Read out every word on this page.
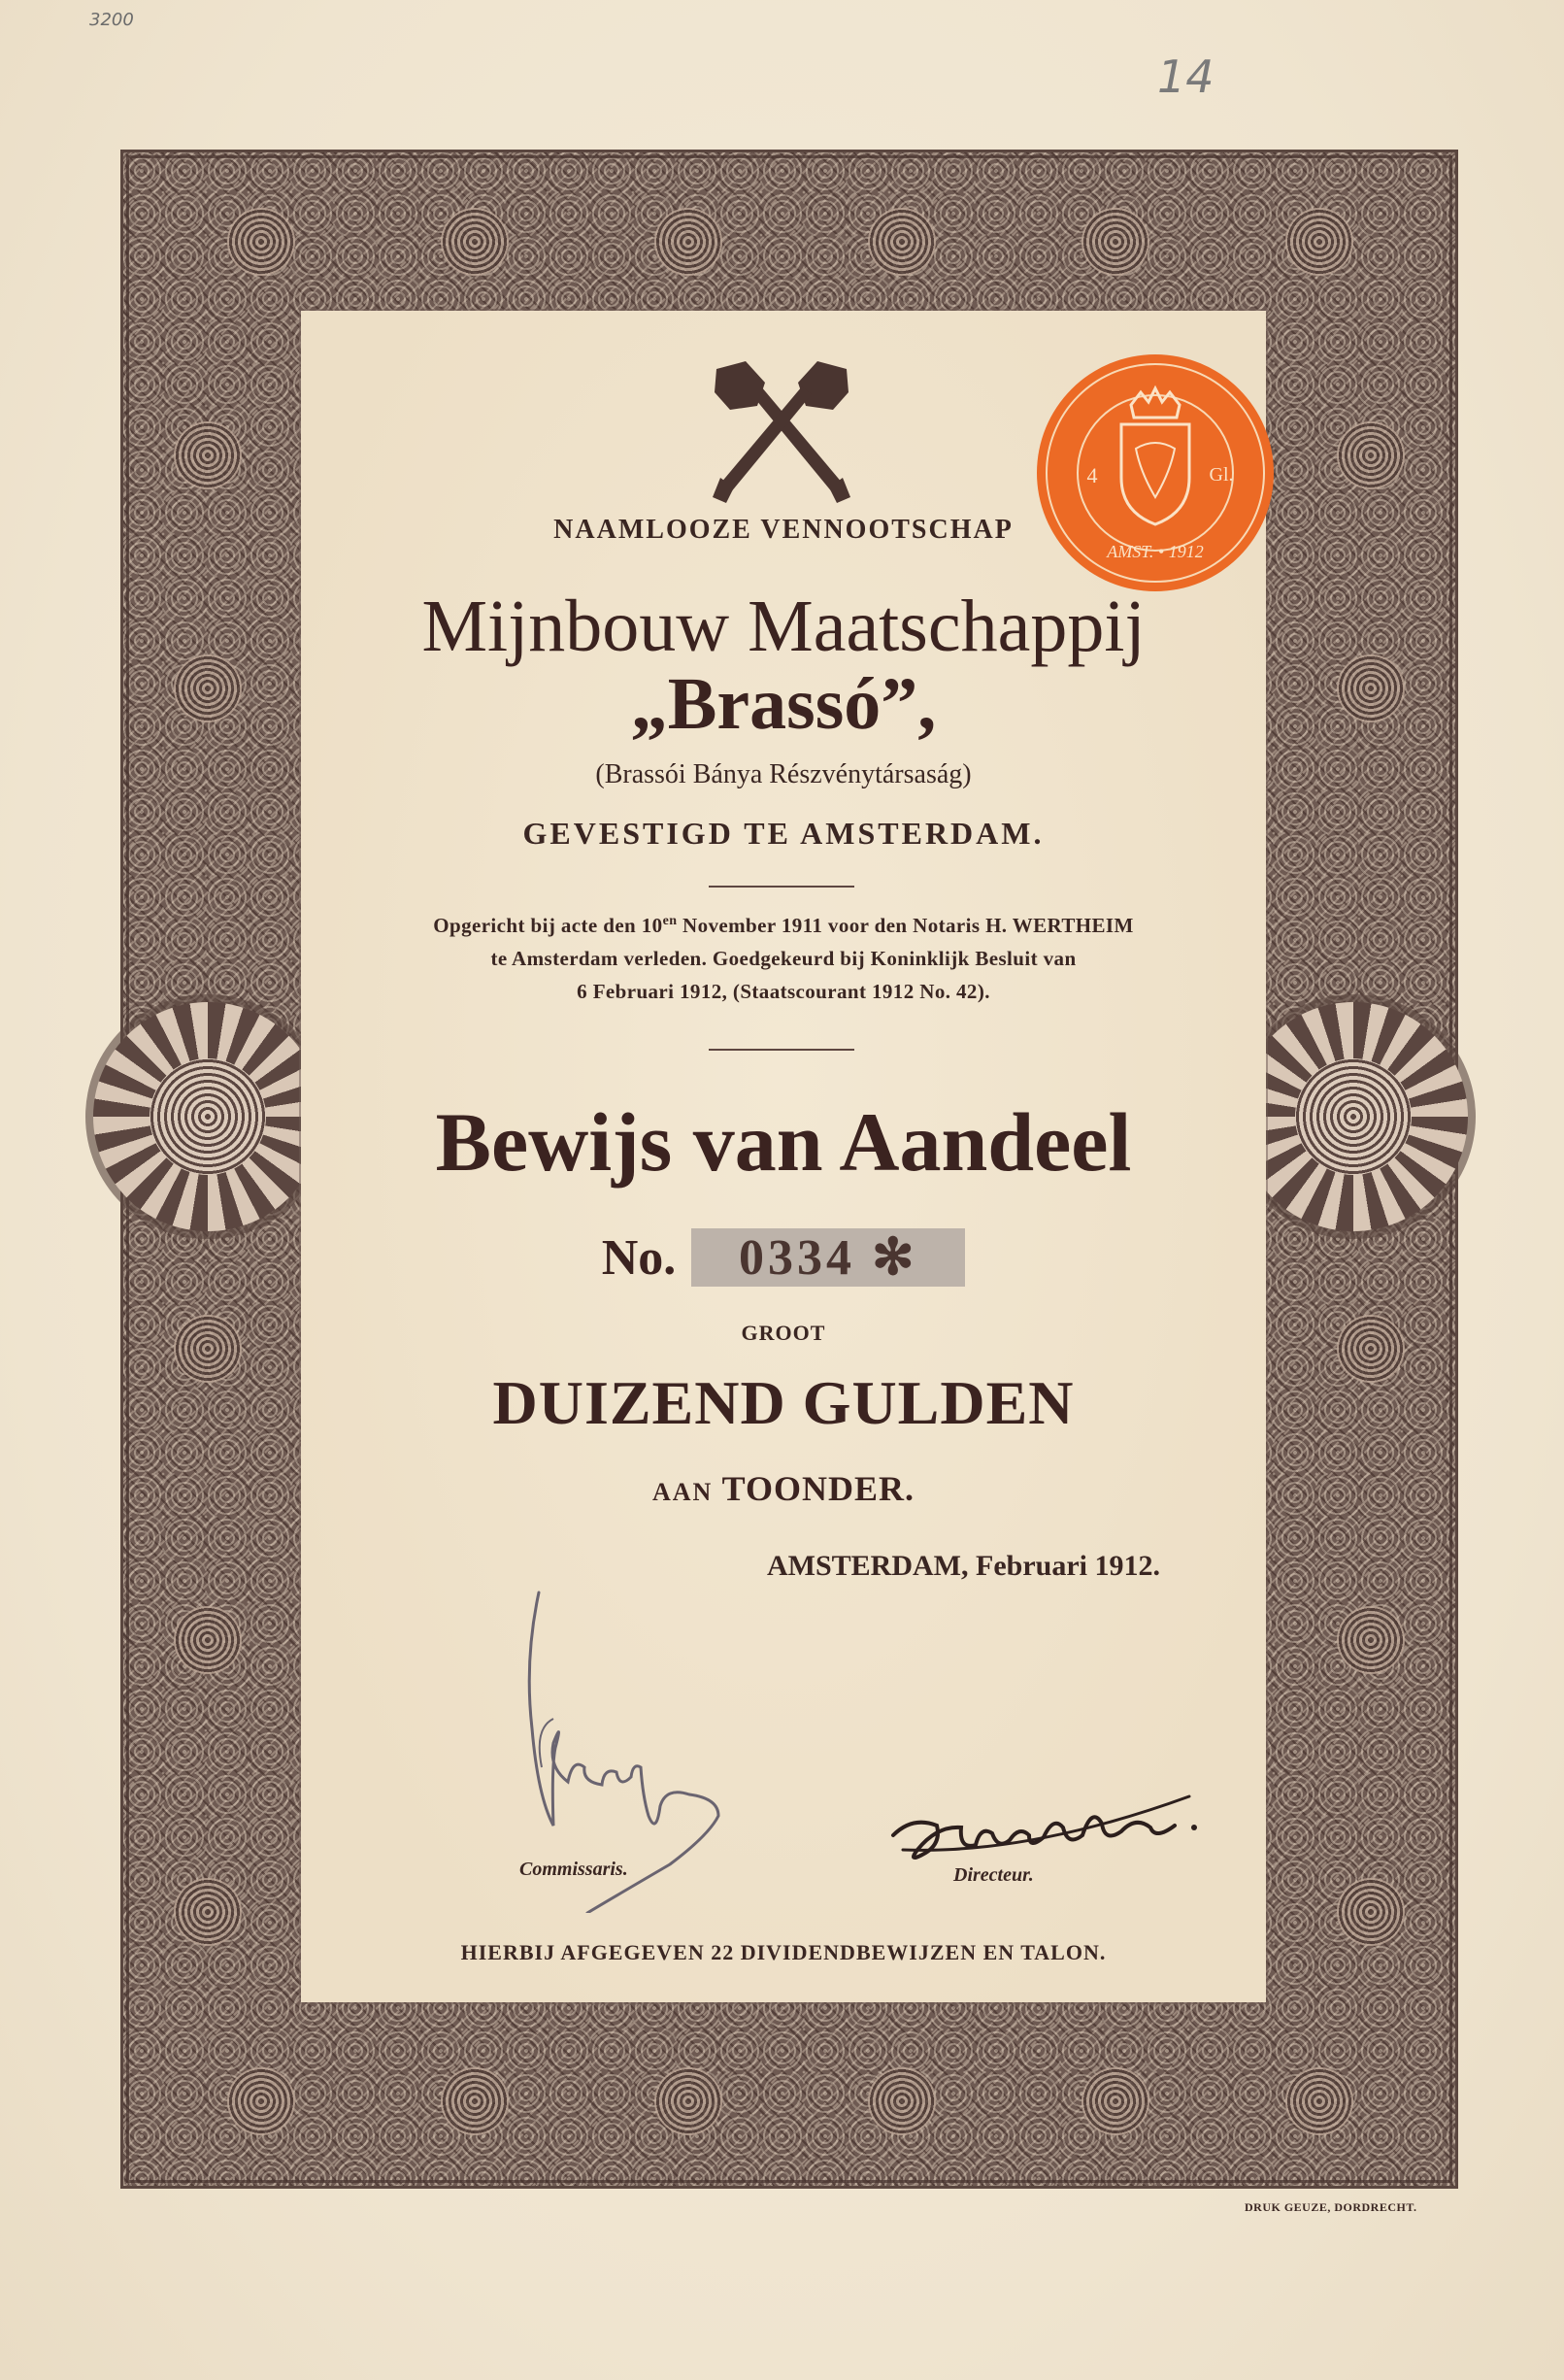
3200
14
4	Gl.
AMST. • 1912
NAAMLOOZE VENNOOTSCHAP
Mijnbouw Maatschappij
„Brassó”,
(Brassói Bánya Részvénytársaság)
GEVESTIGD TE AMSTERDAM.
Opgericht bij acte den $10^{en}$ November 1911 voor den Notaris H. WERTHEIM
te Amsterdam verleden. Goedgekeurd bij Koninklijk Besluit van
6 Februari 1912, (Staatscourant 1912 No. 42).
Bewijs van Aandeel
No. 0334 ✻
GROOT
DUIZEND GULDEN
AAN TOONDER.
AMSTERDAM, Februari 1912.
Commissaris.	Directeur.
HIERBIJ AFGEGEVEN 22 DIVIDENDBEWIJZEN EN TALON.
DRUK GEUZE, DORDRECHT.
